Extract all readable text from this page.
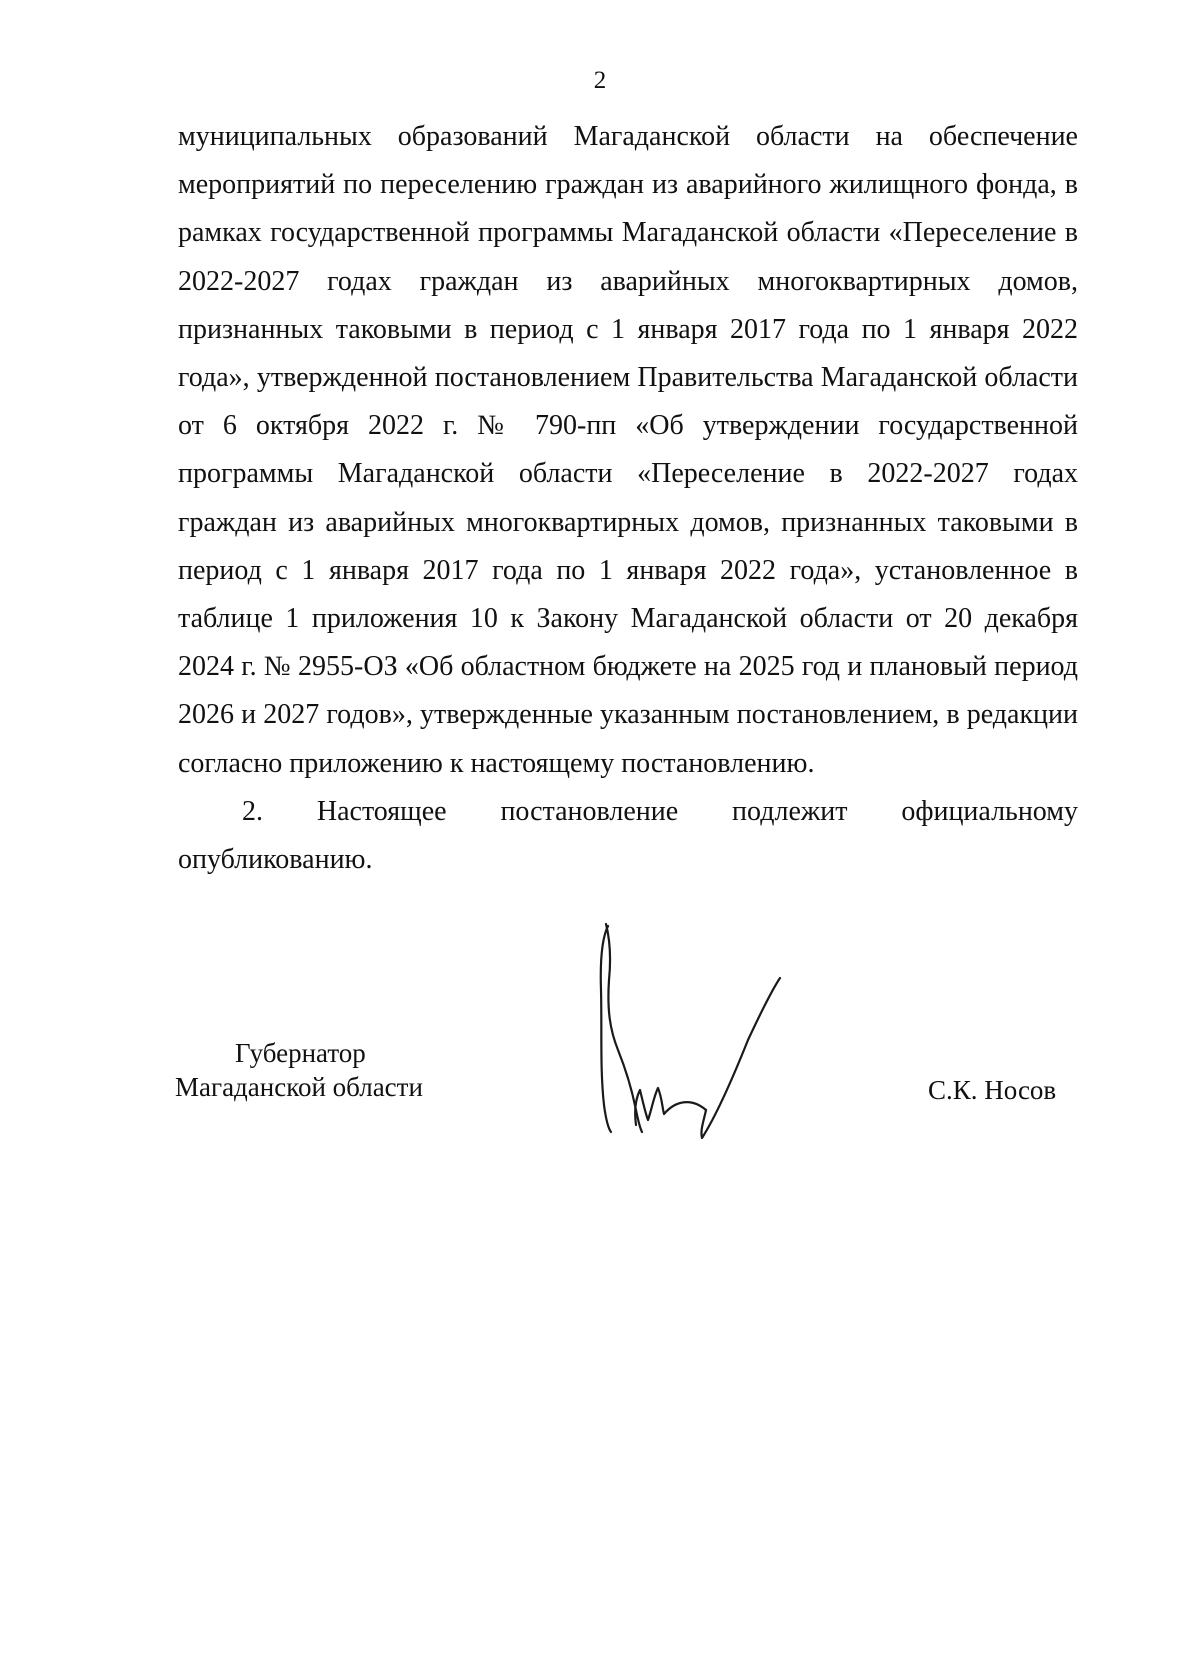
2

муниципальных образований Магаданской области на обеспечение мероприятий по переселению граждан из аварийного жилищного фонда, в рамках государственной программы Магаданской области «Переселение в 2022-2027 годах граждан из аварийных многоквартирных домов, признанных таковыми в период с 1 января 2017 года по 1 января 2022 года», утвержденной постановлением Правительства Магаданской области от 6 октября 2022 г. № 790-пп «Об утверждении государственной программы Магаданской области «Переселение в 2022-2027 годах граждан из аварийных многоквартирных домов, признанных таковыми в период с 1 января 2017 года по 1 января 2022 года», установленное в таблице 1 приложения 10 к Закону Магаданской области от 20 декабря 2024 г. № 2955-ОЗ «Об областном бюджете на 2025 год и плановый период 2026 и 2027 годов», утвержденные указанным постановлением, в редакции согласно приложению к настоящему постановлению.

2. Настоящее постановление подлежит официальному опубликованию.

Губернатор
Магаданской области	С.К. Носов
